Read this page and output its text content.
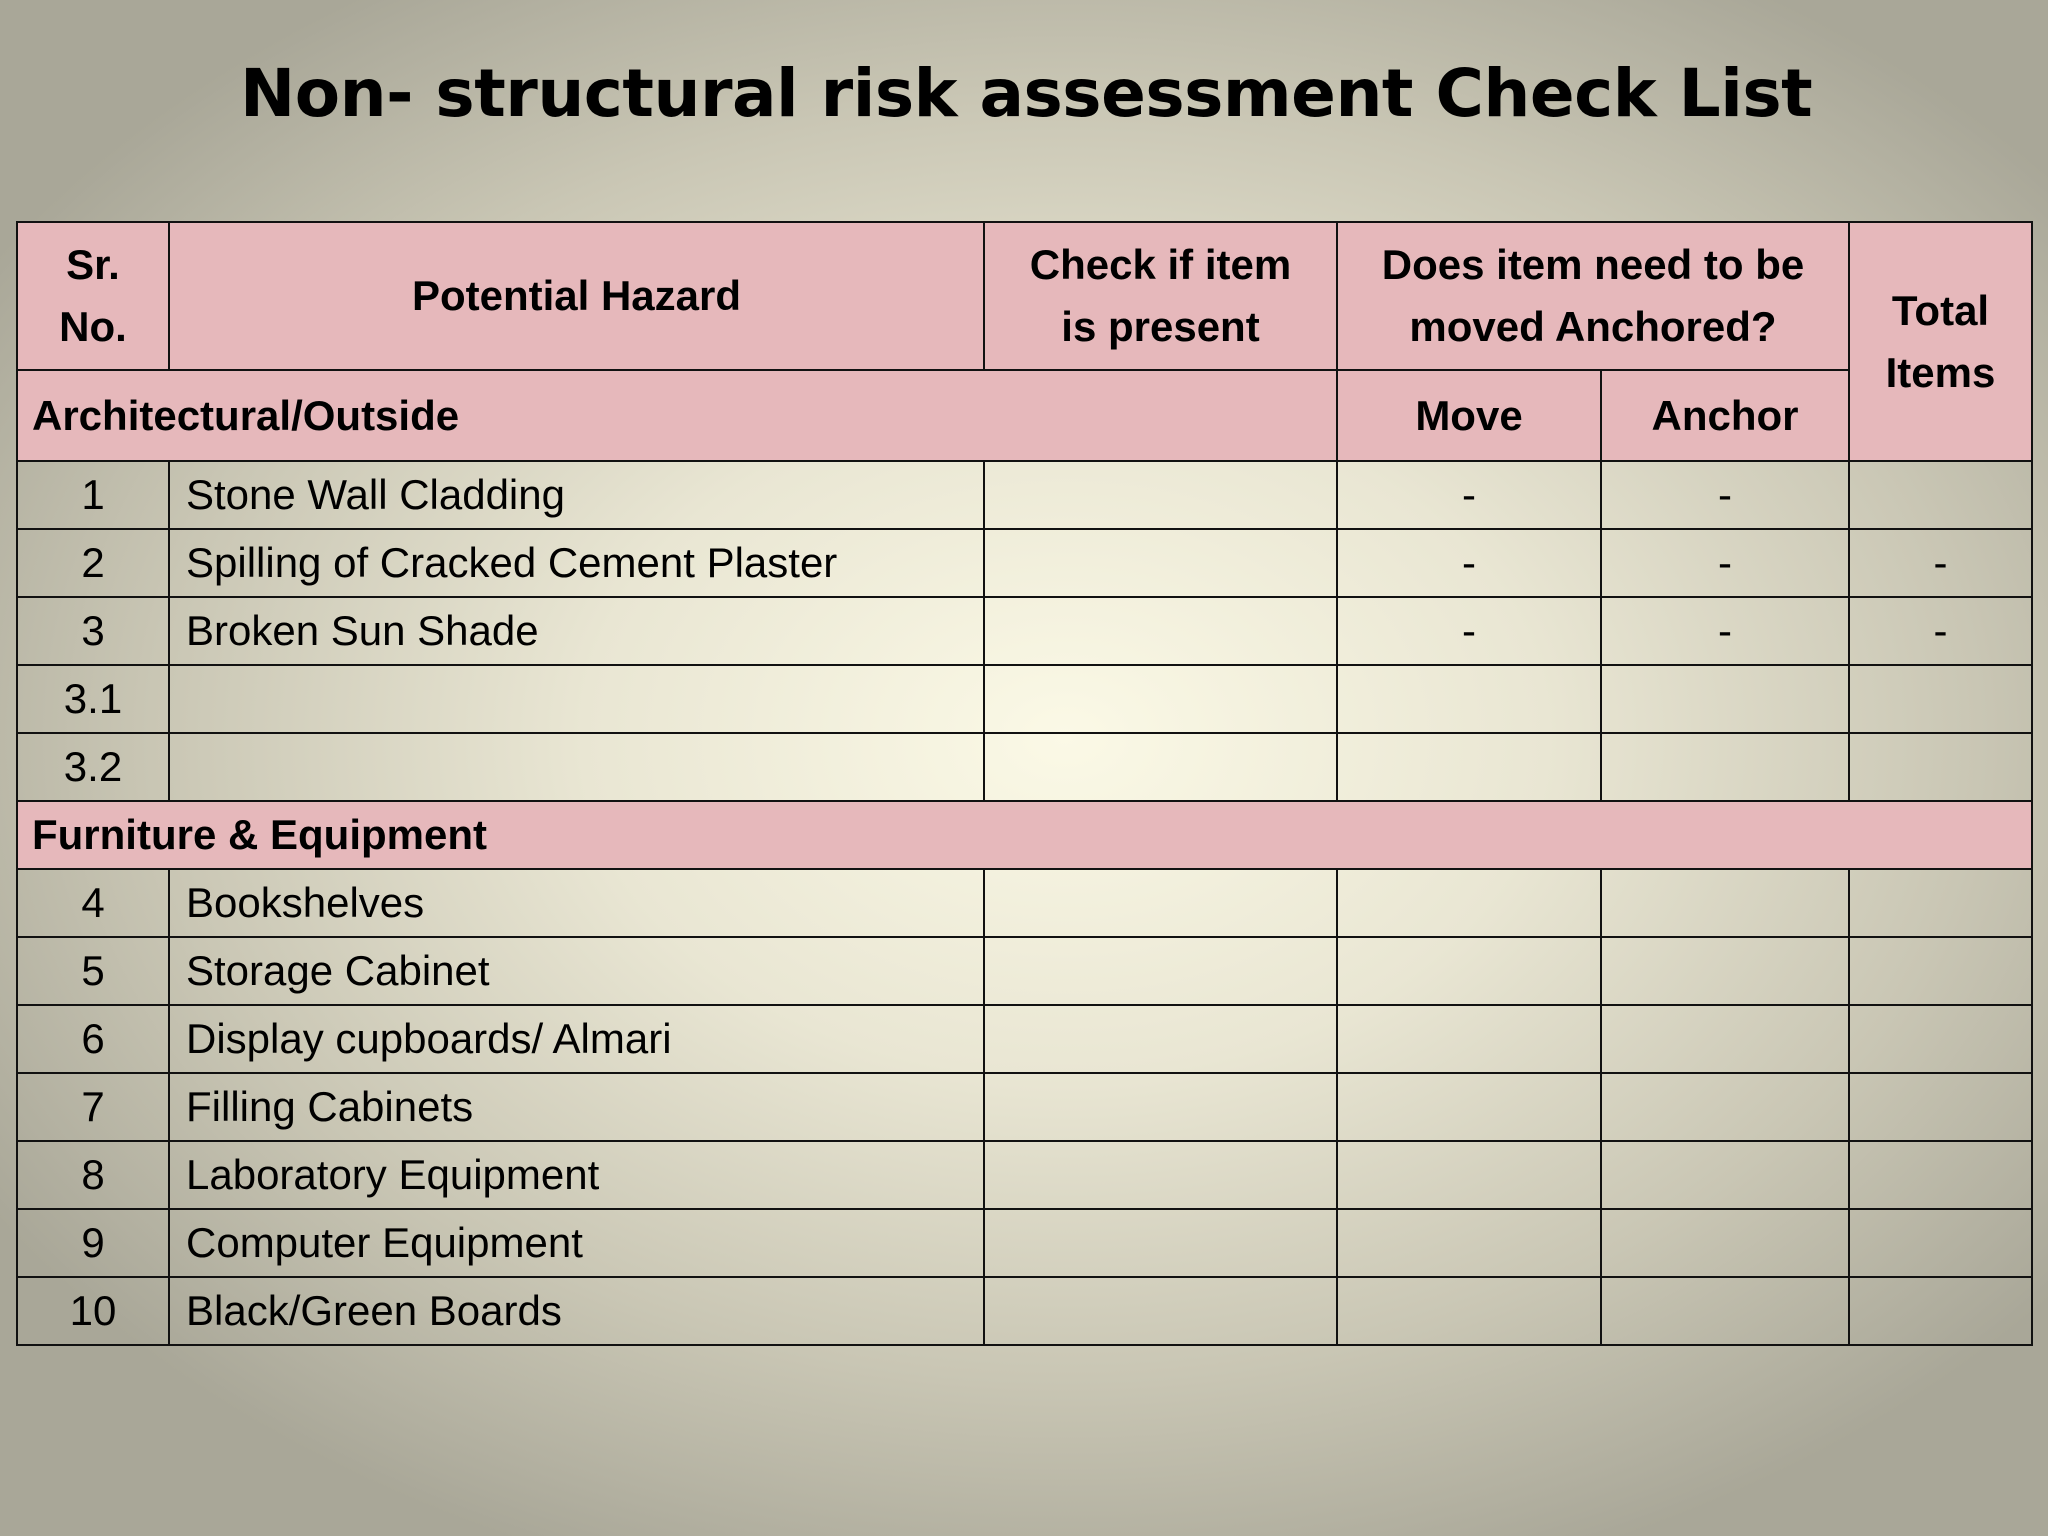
Non- structural risk assessment Check List
Sr. No.	Potential Hazard	Check if item is present	Does item need to be moved Anchored?		Total Items

Architectural/Outside			Move	Anchor	
1	Stone Wall Cladding		-	-	
2	Spilling of Cracked Cement Plaster		-	-	-
3	Broken Sun Shade		-	-	-
3.1					
3.2					
Furniture & Equipment					
4	Bookshelves				
5	Storage Cabinet				
6	Display cupboards/ Almari				
7	Filling Cabinets				
8	Laboratory Equipment				
9	Computer Equipment				
10	Black/Green Boards				
